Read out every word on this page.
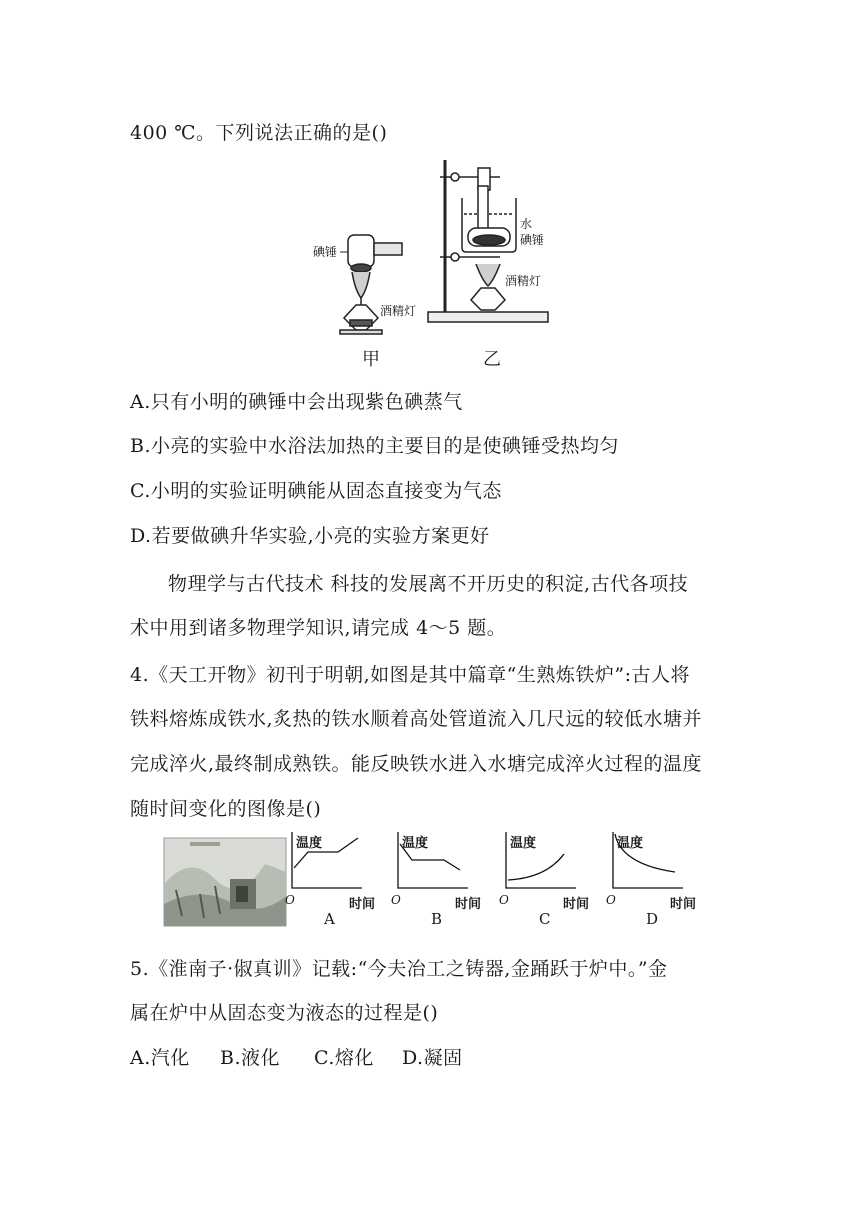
400 ℃。下列说法正确的是()
碘锤
酒精灯
水
碘锤
酒精灯
甲	乙
A.只有小明的碘锤中会出现紫色碘蒸气
B.小亮的实验中水浴法加热的主要目的是使碘锤受热均匀
C.小明的实验证明碘能从固态直接变为气态
D.若要做碘升华实验,小亮的实验方案更好
物理学与古代技术 科技的发展离不开历史的积淀,古代各项技
术中用到诸多物理学知识,请完成 4～5 题。
4.《天工开物》初刊于明朝,如图是其中篇章“生熟炼铁炉”:古人将
铁料熔炼成铁水,炙热的铁水顺着高处管道流入几尺远的较低水塘并
完成淬火,最终制成熟铁。能反映铁水进入水塘完成淬火过程的温度
随时间变化的图像是()
温度
O	时间
A
温度
O	时间
B
温度
O	时间
C
温度
O	时间
D
5.《淮南子·俶真训》记载:“今夫冶工之铸器,金踊跃于炉中。”金
属在炉中从固态变为液态的过程是()
A.汽化 B.液化 C.熔化 D.凝固
